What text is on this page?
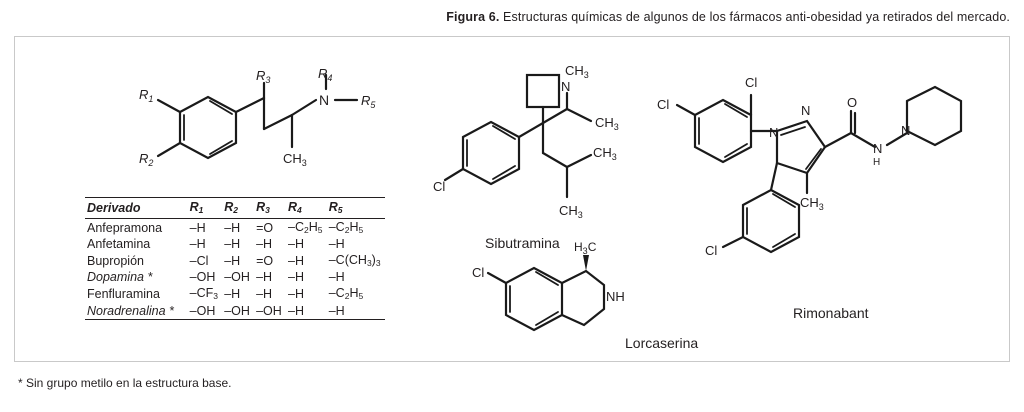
Figura 6. Estructuras químicas de algunos de los fármacos anti-obesidad ya retirados del mercado.
$R_1$
$R_2$
$R_3$	$R_4$
$R_5$
N
$CH_3$
Cl
N
$CH_3$
$CH_3$
$CH_3$
$CH_3$
Cl
$H_3C$
NH
Cl
Cl
N
N
O
N
H
N
$CH_3$
Cl
Sibutramina
Lorcaserina
Rimonabant
Derivado	$R_1$	$R_2$	$R_3$	$R_4$	$R_5$
Anfepramona	–H	–H	=O	$-C_2H_5$	$-C_2H_5$
Anfetamina	–H	–H	–H	–H	–H
Bupropión	–Cl	–H	=O	–H	$-C(CH_3)_3$
Dopamina *	–OH	–OH	–H	–H	–H
Fenfluramina	$-CF_3$	–H	–H	–H	$-C_2H_5$
Noradrenalina *	–OH	–OH	–OH	–H	–H
* Sin grupo metilo en la estructura base.
